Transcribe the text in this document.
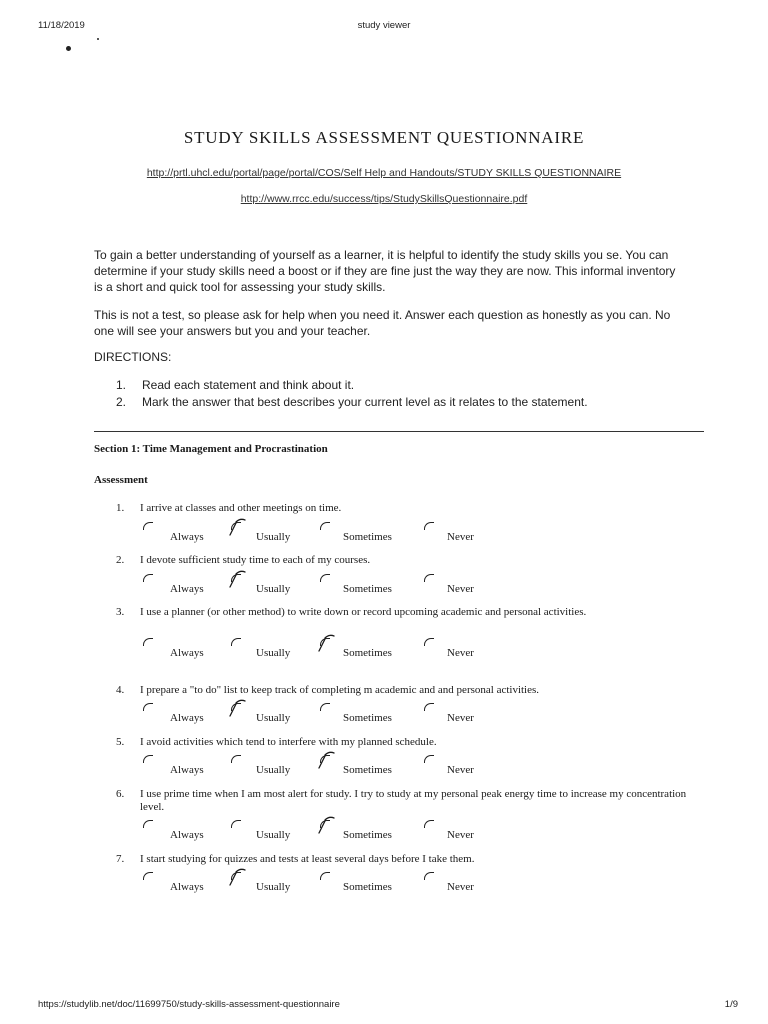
11/18/2019	study viewer
STUDY SKILLS ASSESSMENT QUESTIONNAIRE
http://prtl.uhcl.edu/portal/page/portal/COS/Self Help and Handouts/STUDY SKILLS QUESTIONNAIRE
http://www.rrcc.edu/success/tips/StudySkillsQuestionnaire.pdf

To gain a better understanding of yourself as a learner, it is helpful to identify the study skills you se. You can determine if your study skills need a boost or if they are fine just the way they are now. This informal inventory is a short and quick tool for assessing your study skills.

This is not a test, so please ask for help when you need it. Answer each question as honestly as you can. No one will see your answers but you and your teacher.

DIRECTIONS:

1.	Read each statement and think about it.
2.	Mark the answer that best describes your current level as it relates to the statement.
Section 1: Time Management and Procrastination
Assessment
1. I arrive at classes and other meetings on time.
Always	Usually	Sometimes	Never
2. I devote sufficient study time to each of my courses.
Always	Usually	Sometimes	Never
3. I use a planner (or other method) to write down or record upcoming academic and personal activities.
Always	Usually	Sometimes	Never
4. I prepare a "to do" list to keep track of completing m academic and and personal activities.
Always	Usually	Sometimes	Never
5. I avoid activities which tend to interfere with my planned schedule.
Always	Usually	Sometimes	Never
6. I use prime time when I am most alert for study. I try to study at my personal peak energy time to increase my concentration level.
Always	Usually	Sometimes	Never
7. I start studying for quizzes and tests at least several days before I take them.
Always	Usually	Sometimes	Never
https://studylib.net/doc/11699750/study-skills-assessment-questionnaire	1/9
